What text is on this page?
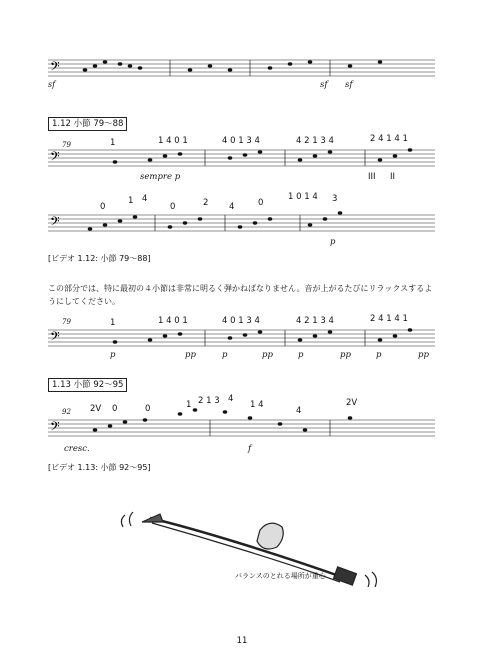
𝄢
𝄢
𝄢
𝄢
𝄢
sf	sf sf
1.12 小節 79〜88
79	1	1 4 0 1	4 0 1 3 4	4 2 1 3 4	2 4 1 4 1
III II
sempre p
0
1 4
0	2 4	0
1 0 1 4 3
p
[ビデオ 1.12: 小節 79〜88]
この部分では、特に最初の４小節は非常に明るく弾かねばなりません。音が上がるたびにリラックスするようにしてください。
79	1	1 4 0 1	4 0 1 3 4	4 2 1 3 4	2 4 1 4 1
p	pp	p	pp	p	pp	p	pp
1.13 小節 92〜95
92 2V 0	0	1 2 1 3 4
1 4
4
2V
cresc.	f
[ビデオ 1.13: 小節 92〜95]
バランスのとれる場所が重心
11
